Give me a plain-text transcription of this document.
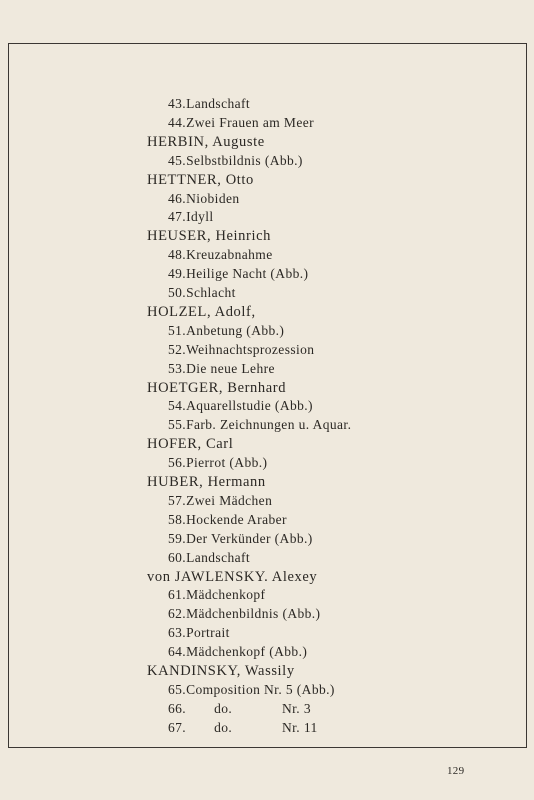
43.Landschaft
44.Zwei Frauen am Meer
HERBIN, Auguste
45.Selbstbildnis (Abb.)
HETTNER, Otto
46.Niobiden
47.Idyll
HEUSER, Heinrich
48.Kreuzabnahme
49.Heilige Nacht (Abb.)
50.Schlacht
HOLZEL, Adolf,
51.Anbetung (Abb.)
52.Weihnachtsprozession
53.Die neue Lehre
HOETGER, Bernhard
54.Aquarellstudie (Abb.)
55.Farb. Zeichnungen u. Aquar.
HOFER, Carl
56.Pierrot (Abb.)
HUBER, Hermann
57.Zwei Mädchen
58.Hockende Araber
59.Der Verkünder (Abb.)
60.Landschaft
von JAWLENSKY. Alexey
61.Mädchenkopf
62.Mädchenbildnis (Abb.)
63.Portrait
64.Mädchenkopf (Abb.)
KANDINSKY, Wassily
65.Composition Nr. 5 (Abb.)
66.do.	Nr. 3
67.do.	Nr. 11
129
